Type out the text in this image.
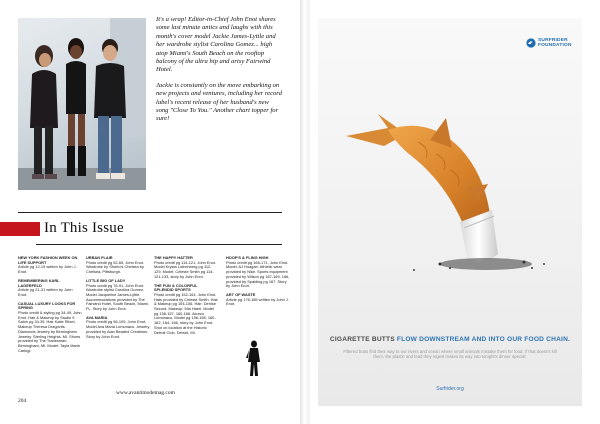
It's a wrap! Editor-in-Chief John Enot shares some last minute antics and laughs with this month's cover model Jackie James-Lyttle and her wardrobe stylist Carolina Gomez... high atop Miami's South Beach on the rooftop balcony of the ultra hip and artsy Fairwind Hotel.

Jackie is constantly on the move embarking on new projects and ventures, including her record label's recent release of her husband's new song "Close To You." Another chart topper for sure!

In This Issue
NEW YORK FASHION WEEK ON LIFE SUPPORT
Article pg 12-19 written by John J. Enot.
REMEMBERING KARL LAGERFELD
Article pg 21-31 written by John Enot.
CASUAL LUXURY LOOKS FOR SPRING
Photo credit & styling pg 34-49, John Enot. Hair & Makeup by Studio 9 Salon pg 34-39. Hair Katie Ritzel, Makeup Theresa Dragovits. Diamonds Jewelry by Birmingham Jewelry. Sterling Heights, MI. Shoes provided by The Tradesman, Birmingham, MI. Model: Tayla Marie Carlugi.
URBAN FLAIR
Photo credit pg 52-65, John Enot. Wardrobe by Shorto's Chelsea by Chelsea, Pittsburgh.
LITTLE BIG OF LADY
Photo credit pg 76-91, John Enot. Wardrobe stylist Carolina Gomez. Model Jacqueline James-Lyttle. Accommodations provided by The Fairwind Hotel, South Beach, Miami, FL. Story by John Enot.
AVA MARIA
Photo credit pg 96-109, John Enot. Model Ava Maria Lomonaco. Jewelry provided by Alan Beaded Creations. Story by John Enot.
THE HAPPY HATTER
Photo credit pg 114-121, John Enot. Model Krysta Lothenberg pg 112-129. Model: Celeste Smith pg 114-121-133, story by John Enot.
THE FUN & COLORFUL SPLENDID SPORTS
Photo credit pg 152-161, John Enot. Hats provided by Celeste Smith. Hair & Makeup pg 154-156. Hair: Denise Secord, Makeup: Mia Haerl. Model pg 156-157, 160-166. Alonzo Lomonaco, Model pg 156-158, 160-162, 164, 166, story by John Enot. Shot on location at the Historic Detroit Club, Detroit, MI.
HOOP'S & FLING HIGH
Photo credit pg 166-171, John Enot. Model: AJ Hoagan. Athletic wear provided by Nike. Sports equipment provided by Wilson pg 167-169, 166, provided by Spalding pg 167. Story by John Enot.
ART OF WASTE
Article pg 176-185 written by John J. Enot.
www.avantimodemag.com
204
SURFRIDER
FOUNDATION
CIGARETTE BUTTS FLOW DOWNSTREAM AND INTO OUR FOOD CHAIN.
Filtered butts find their way to our rivers and ocean where small animals mistake them for food. If that doesn't kill them, the plastic and lead they ingest makes its way into tonight's dinner special.
Surfrider.org
